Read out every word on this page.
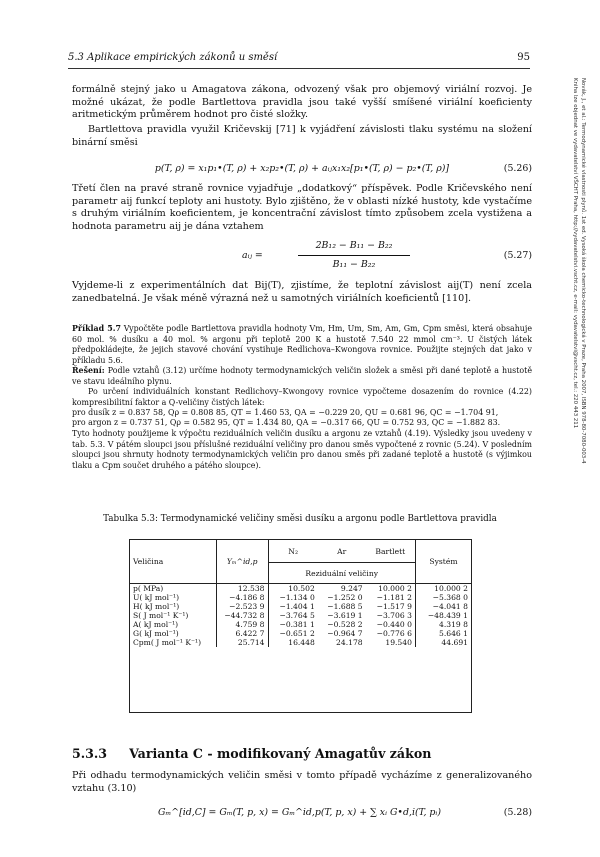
5.3 Aplikace empirických zákonů u směsí	95
Novák, J., et al.: Termodynamické vlastnosti plynů. 1st ed. Vysoká škola chemicko-technologická v Praze, Praha 2007, ISBN 978-80-7080-003-4
Kniha lze objednat ve vydavatelství VŠCHT Praha, http://vydavatelstvi.vscht.cz, e-mail: vydavatelstvi@vscht.cz, tel.: 220 443 211

formálně stejný jako u Amagatova zákona, odvozený však pro objemový viriální rozvoj. Je možné ukázat, že podle Bartlettova pravidla jsou také vyšší smíšené viriální koeficienty aritmetickým průměrem hodnot pro čisté složky.

Bartlettova pravidla využil Kričevskij [71] k vyjádření závislosti tlaku systému na složení binární směsi

p(T, ρ) = x₁p₁•(T, ρ) + x₂p₂•(T, ρ) + aᵢⱼx₁x₂[p₁•(T, ρ) − p₂•(T, ρ)]	(5.26)

Třetí člen na pravé straně rovnice vyjadřuje „dodatkový“ příspěvek. Podle Kričevského není parametr aij funkcí teploty ani hustoty. Bylo zjištěno, že v oblasti nízké hustoty, kde vystačíme s druhým viriálním koeficientem, je koncentrační závislost tímto způsobem zcela vystižena a hodnota parametru aij je dána vztahem

aᵢⱼ =
2B₁₂ − B₁₁ − B₂₂
B₁₁ − B₂₂
(5.27)

Vyjdeme-li z experimentálních dat Bij(T), zjistíme, že teplotní závislost aij(T) není zcela zanedbatelná. Je však méně výrazná než u samotných viriálních koeficientů [110].

Příklad 5.7 Vypočtěte podle Bartlettova pravidla hodnoty Vm, Hm, Um, Sm, Am, Gm, Cpm směsi, která obsahuje 60 mol. % dusíku a 40 mol. % argonu při teplotě 200 K a hustotě 7.540 22 mmol cm⁻³. U čistých látek předpokládejte, že jejich stavové chování vystihuje Redlichova–Kwongova rovnice. Použijte stejných dat jako v příkladu 5.6.

Řešení: Podle vztahů (3.12) určíme hodnoty termodynamických veličin složek a směsi při dané teplotě a hustotě ve stavu ideálního plynu.

Po určení individuálních konstant Redlichovy–Kwongovy rovnice vypočteme dosazením do rovnice (4.22) kompresibilitní faktor a Q-veličiny čistých látek:

pro dusík z = 0.837 58, Qρ = 0.808 85, QT = 1.460 53, QA = −0.229 20, QU = 0.681 96, QC = −1.704 91,

pro argon z = 0.737 51, Qρ = 0.582 95, QT = 1.434 80, QA = −0.317 66, QU = 0.752 93, QC = −1.882 83.

Tyto hodnoty použijeme k výpočtu reziduálních veličin dusíku a argonu ze vztahů (4.19). Výsledky jsou uvedeny v tab. 5.3. V pátém sloupci jsou příslušné reziduální veličiny pro danou směs vypočtené z rovnic (5.24). V posledním sloupci jsou shrnuty hodnoty termodynamických veličin pro danou směs při zadané teplotě a hustotě (s výjimkou tlaku a Cpm součet druhého a pátého sloupce).

Tabulka 5.3: Termodynamické veličiny směsi dusíku a argonu podle Bartlettova pravidla
Veličina	Yₘ^id,p	N₂	Ar	Bartlett	Systém
		Reziduální veličiny			
p( MPa)	12.538	10.502	9.247	10.000 2	10.000 2
U( kJ mol⁻¹)	−4.186 8	−1.134 0	−1.252 0	−1.181 2	−5.368 0
H( kJ mol⁻¹)	−2.523 9	−1.404 1	−1.688 5	−1.517 9	−4.041 8
S( J mol⁻¹ K⁻¹)	−44.732 8	−3.764 5	−3.619 1	−3.706 3	−48.439 1
A( kJ mol⁻¹)	4.759 8	−0.381 1	−0.528 2	−0.440 0	4.319 8
G( kJ mol⁻¹)	6.422 7	−0.651 2	−0.964 7	−0.776 6	5.646 1
Cpm( J mol⁻¹ K⁻¹)	25.714	16.448	24.178	19.540	44.691
5.3.3 Varianta C - modifikovaný Amagatův zákon

Při odhadu termodynamických veličin směsi v tomto případě vycházíme z generalizovaného vztahu (3.10)

Gₘ^[id,C] = Gₘ(T, p, x) = Gₘ^id,p(T, p, x) + ∑ xᵢ G•d,i(T, pᵢ)	(5.28)
